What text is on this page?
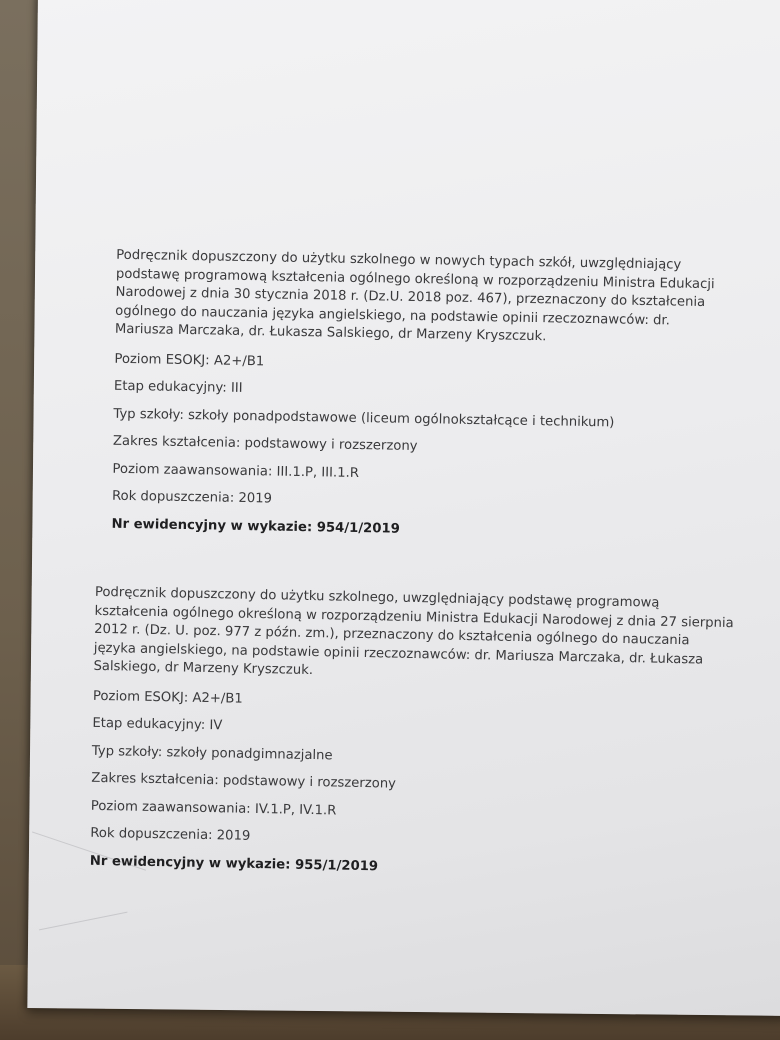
Podręcznik dopuszczony do użytku szkolnego w nowych typach szkół, uwzględniający podstawę programową kształcenia ogólnego określoną w rozporządzeniu Ministra Edukacji Narodowej z dnia 30 stycznia 2018 r. (Dz.U. 2018 poz. 467), przeznaczony do kształcenia ogólnego do nauczania języka angielskiego, na podstawie opinii rzeczoznawców: dr. Mariusza Marczaka, dr. Łukasza Salskiego, dr Marzeny Kryszczuk.

Poziom ESOKJ: A2+/B1
Etap edukacyjny: III
Typ szkoły: szkoły ponadpodstawowe (liceum ogólnokształcące i technikum)
Zakres kształcenia: podstawowy i rozszerzony
Poziom zaawansowania: III.1.P, III.1.R
Rok dopuszczenia: 2019
Nr ewidencyjny w wykazie: 954/1/2019

Podręcznik dopuszczony do użytku szkolnego, uwzględniający podstawę programową kształcenia ogólnego określoną w rozporządzeniu Ministra Edukacji Narodowej z dnia 27 sierpnia 2012 r. (Dz. U. poz. 977 z późn. zm.), przeznaczony do kształcenia ogólnego do nauczania języka angielskiego, na podstawie opinii rzeczoznawców: dr. Mariusza Marczaka, dr. Łukasza Salskiego, dr Marzeny Kryszczuk.

Poziom ESOKJ: A2+/B1
Etap edukacyjny: IV
Typ szkoły: szkoły ponadgimnazjalne
Zakres kształcenia: podstawowy i rozszerzony
Poziom zaawansowania: IV.1.P, IV.1.R
Rok dopuszczenia: 2019
Nr ewidencyjny w wykazie: 955/1/2019
